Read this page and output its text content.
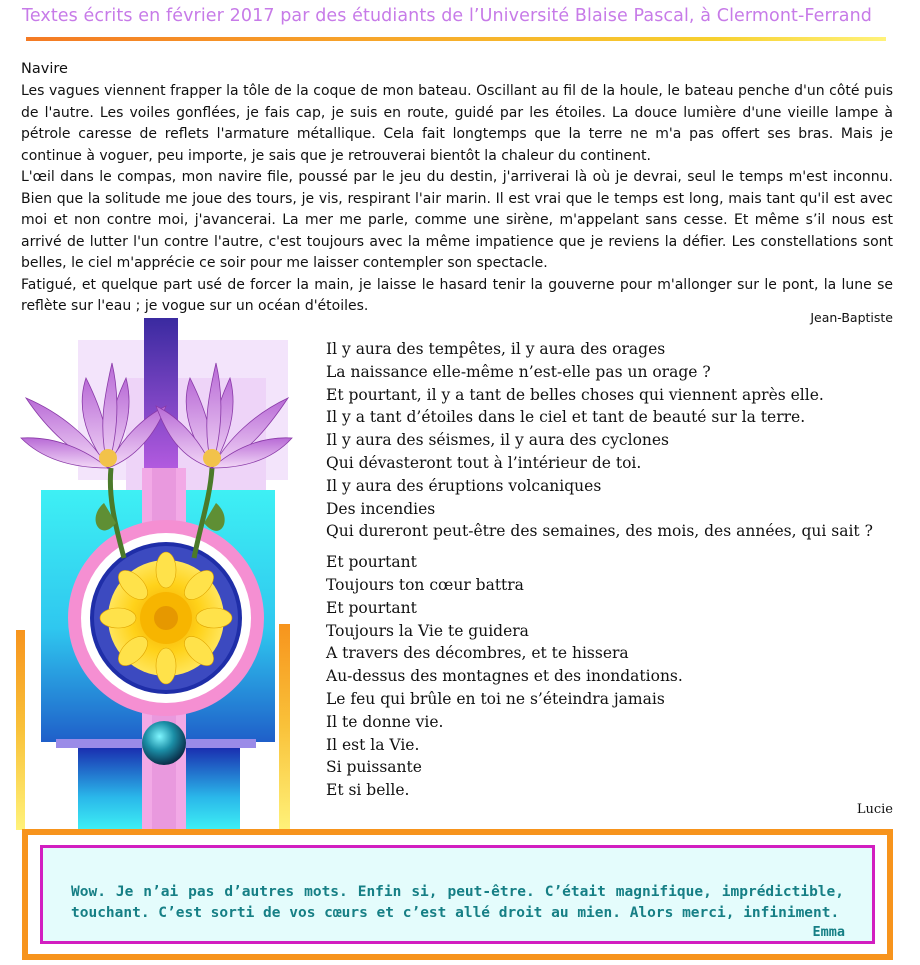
Textes écrits en février 2017 par des étudiants de l’Université Blaise Pascal, à Clermont-Ferrand
Navire

Les vagues viennent frapper la tôle de la coque de mon bateau. Oscillant au fil de la houle, le bateau penche d'un côté puis de l'autre. Les voiles gonflées, je fais cap, je suis en route, guidé par les étoiles. La douce lumière d'une vieille lampe à pétrole caresse de reflets l'armature métallique. Cela fait longtemps que la terre ne m'a pas offert ses bras. Mais je continue à voguer, peu importe, je sais que je retrouverai bientôt la chaleur du continent.

L'œil dans le compas, mon navire file, poussé par le jeu du destin, j'arriverai là où je devrai, seul le temps m'est inconnu. Bien que la solitude me joue des tours, je vis, respirant l'air marin. Il est vrai que le temps est long, mais tant qu'il est avec moi et non contre moi, j'avancerai. La mer me parle, comme une sirène, m'appelant sans cesse. Et même s’il nous est arrivé de lutter l'un contre l'autre, c'est toujours avec la même impatience que je reviens la défier. Les constellations sont belles, le ciel m'apprécie ce soir pour me laisser contempler son spectacle.

Fatigué, et quelque part usé de forcer la main, je laisse le hasard tenir la gouverne pour m'allonger sur le pont, la lune se reflète sur l'eau ; je vogue sur un océan d'étoiles.

Jean-Baptiste
Il y aura des tempêtes, il y aura des orages
La naissance elle-même n’est-elle pas un orage ?
Et pourtant, il y a tant de belles choses qui viennent après elle.
Il y a tant d’étoiles dans le ciel et tant de beauté sur la terre.
Il y aura des séismes, il y aura des cyclones
Qui dévasteront tout à l’intérieur de toi.
Il y aura des éruptions volcaniques
Des incendies
Qui dureront peut-être des semaines, des mois, des années, qui sait ?
Et pourtant
Toujours ton cœur battra
Et pourtant
Toujours la Vie te guidera
A travers des décombres, et te hissera
Au-dessus des montagnes et des inondations.
Le feu qui brûle en toi ne s’éteindra jamais
Il te donne vie.
Il est la Vie.
Si puissante
Et si belle.
Lucie
Wow. Je n’ai pas d’autres mots. Enfin si, peut-être. C’était magnifique, imprédictible, touchant. C’est sorti de vos cœurs et c’est allé droit au mien. Alors merci, infiniment.
Emma
